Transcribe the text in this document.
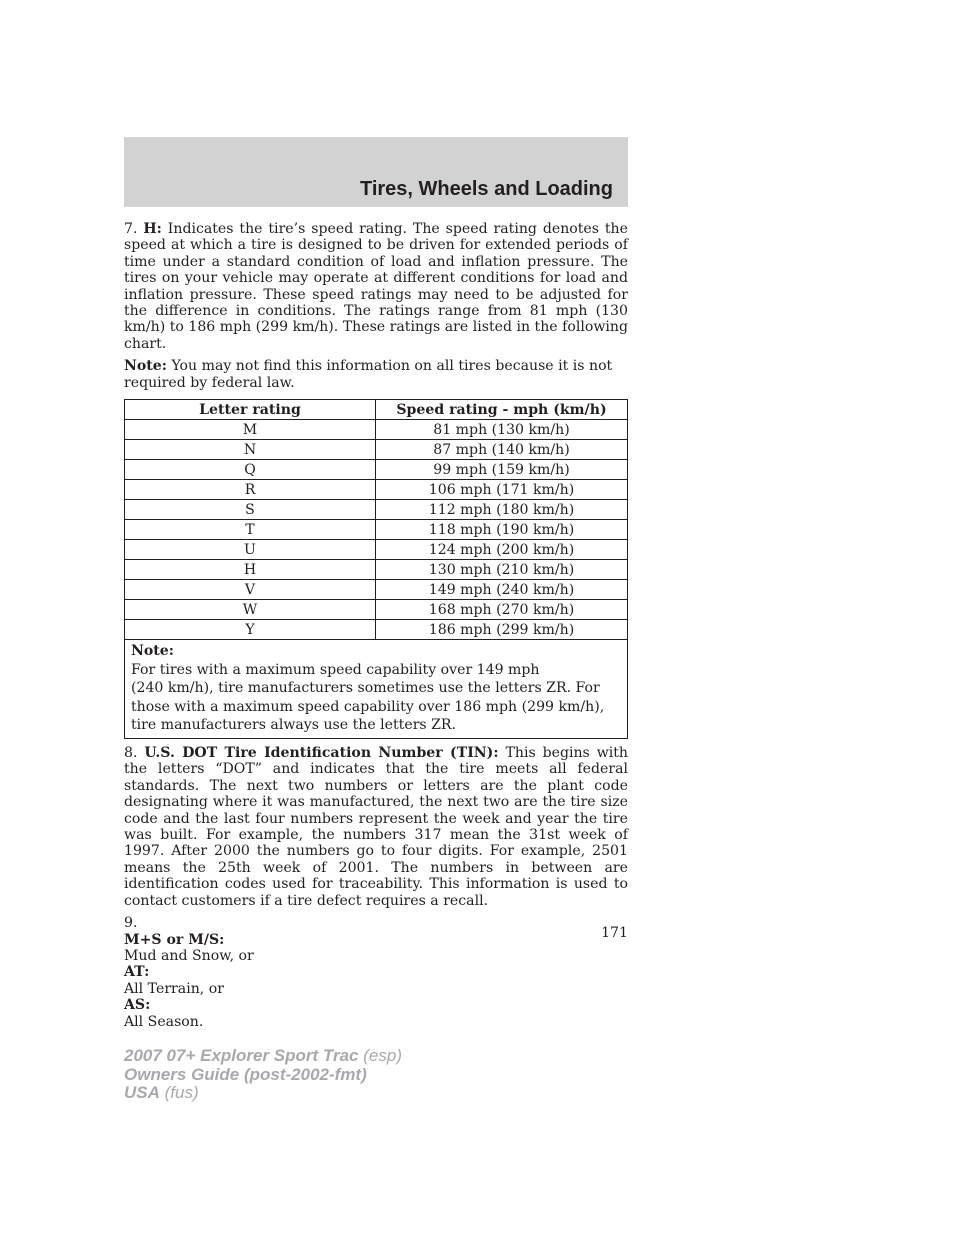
Tires, Wheels and Loading

7. H: Indicates the tire’s speed rating. The speed rating denotes the speed at which a tire is designed to be driven for extended periods of time under a standard condition of load and inflation pressure. The tires on your vehicle may operate at different conditions for load and inflation pressure. These speed ratings may need to be adjusted for the difference in conditions. The ratings range from 81 mph (130 km/h) to 186 mph (299 km/h). These ratings are listed in the following chart.

Note: You may not find this information on all tires because it is not required by federal law.

Letter rating	Speed rating - mph (km/h)
M	81 mph (130 km/h)
N	87 mph (140 km/h)
Q	99 mph (159 km/h)
R	106 mph (171 km/h)
S	112 mph (180 km/h)
T	118 mph (190 km/h)
U	124 mph (200 km/h)
H	130 mph (210 km/h)
V	149 mph (240 km/h)
W	168 mph (270 km/h)
Y	186 mph (299 km/h)

Note:
For tires with a maximum speed capability over 149 mph
(240 km/h), tire manufacturers sometimes use the letters ZR. For
those with a maximum speed capability over 186 mph (299 km/h),
tire manufacturers always use the letters ZR.	

8. U.S. DOT Tire Identification Number (TIN): This begins with the letters “DOT” and indicates that the tire meets all federal standards. The next two numbers or letters are the plant code designating where it was manufactured, the next two are the tire size code and the last four numbers represent the week and year the tire was built. For example, the numbers 317 mean the 31st week of 1997. After 2000 the numbers go to four digits. For example, 2501 means the 25th week of 2001. The numbers in between are identification codes used for traceability. This information is used to contact customers if a tire defect requires a recall.

9.
M+S or M/S:
Mud and Snow, or
AT:
All Terrain, or
AS:
All Season.

171
2007 07+ Explorer Sport Trac (esp)
Owners Guide (post-2002-fmt)
USA (fus)
